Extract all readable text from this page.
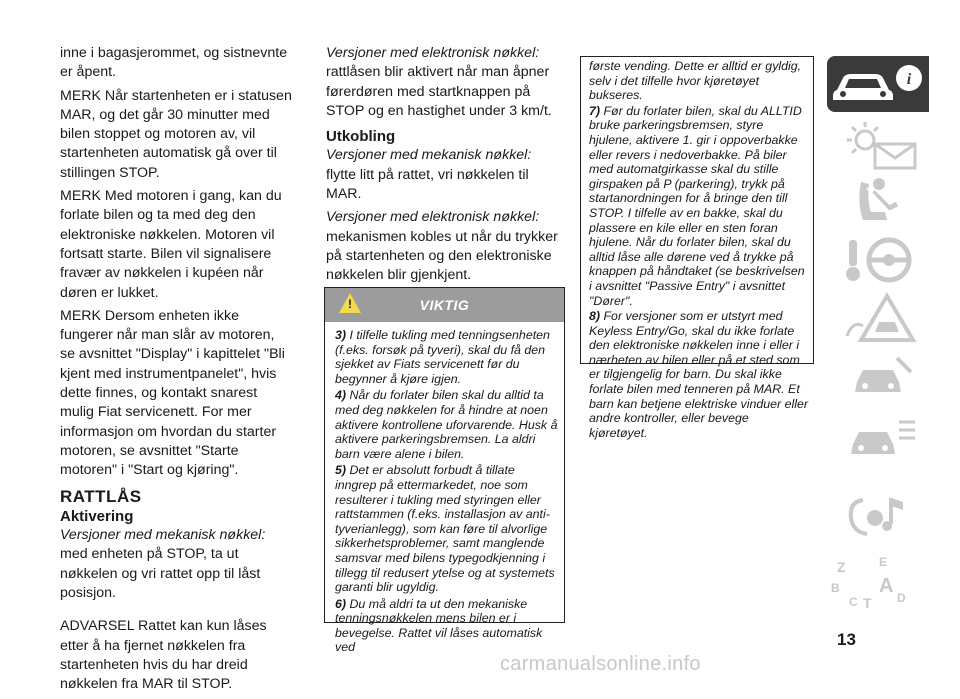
inne i bagasjerommet, og sistnevnte er åpent.

MERK Når startenheten er i statusen MAR, og det går 30 minutter med bilen stoppet og motoren av, vil startenheten automatisk gå over til stillingen STOP.

MERK Med motoren i gang, kan du forlate bilen og ta med deg den elektroniske nøkkelen. Motoren vil fortsatt starte. Bilen vil signalisere fravær av nøkkelen i kupéen når døren er lukket.

MERK Dersom enheten ikke fungerer når man slår av motoren, se avsnittet "Display" i kapittelet "Bli kjent med instrumentpanelet", hvis dette finnes, og kontakt snarest mulig Fiat servicenett. For mer informasjon om hvordan du starter motoren, se avsnittet "Starte motoren" i "Start og kjøring".

RATTLÅS
Aktivering

Versjoner med mekanisk nøkkel: med enheten på STOP, ta ut nøkkelen og vri rattet opp til låst posisjon.

ADVARSEL Rattet kan kun låses etter å ha fjernet nøkkelen fra startenheten hvis du har dreid nøkkelen fra MAR til STOP.

Versjoner med elektronisk nøkkel:

rattlåsen blir aktivert når man åpner førerdøren med startknappen på STOP og en hastighet under 3 km/t.

Utkobling

Versjoner med mekanisk nøkkel: flytte litt på rattet, vri nøkkelen til MAR.

Versjoner med elektronisk nøkkel:

mekanismen kobles ut når du trykker på startenheten og den elektroniske nøkkelen blir gjenkjent.

!	VIKTIG

3) I tilfelle tukling med tenningsenheten (f.eks. forsøk på tyveri), skal du få den sjekket av Fiats servicenett før du begynner å kjøre igjen.

4) Når du forlater bilen skal du alltid ta med deg nøkkelen for å hindre at noen aktivere kontrollene uforvarende. Husk å aktivere parkeringsbremsen. La aldri barn være alene i bilen.

5) Det er absolutt forbudt å tillate inngrep på ettermarkedet, noe som resulterer i tukling med styringen eller rattstammen (f.eks. installasjon av anti-tyverianlegg), som kan føre til alvorlige sikkerhetsproblemer, samt manglende samsvar med bilens typegodkjenning i tillegg til redusert ytelse og at systemets garanti blir ugyldig.

6) Du må aldri ta ut den mekaniske tenningsnøkkelen mens bilen er i bevegelse. Rattet vil låses automatisk ved

første vending. Dette er alltid er gyldig, selv i det tilfelle hvor kjøretøyet bukseres.

7) Før du forlater bilen, skal du ALLTID bruke parkeringsbremsen, styre hjulene, aktivere 1. gir i oppoverbakke eller revers i nedoverbakke. På biler med automatgirkasse skal du stille girspaken på P (parkering), trykk på startanordningen for å bringe den till STOP. I tilfelle av en bakke, skal du plassere en kile eller en sten foran hjulene. Når du forlater bilen, skal du alltid låse alle dørene ved å trykke på knappen på håndtaket (se beskrivelsen i avsnittet "Passive Entry" i avsnittet "Dører".

8) For versjoner som er utstyrt med Keyless Entry/Go, skal du ikke forlate den elektroniske nøkkelen inne i eller i nærheten av bilen eller på et sted som er tilgjengelig for barn. Du skal ikke forlate bilen med tenneren på MAR. Et barn kan betjene elektriske vinduer eller andre kontroller, eller bevege kjøretøyet.

i
Z	E
B A
C T D
13
carmanualsonline.info
